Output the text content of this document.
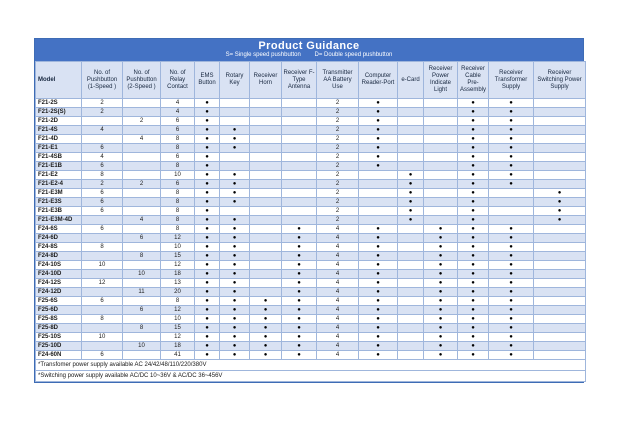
Product Guidance
S= Single speed pushbutton D= Double speed pushbutton
Model	No. of Pushbutton (1-Speed )	No. of Pushbutton (2-Speed )	No. of Relay Contact	EMS Button	Rotary Key	Receiver Horn	Receiver F-Type Antenna	Transmitter AA Battery Use	Computer Reader-Port	e-Card	Receiver Power Indicate Light	Receiver Cable Pre- Assembly	Receiver Transformer Supply	Receiver Switching Power Supply
F21-2S	2		4	●				2	●			●	●	
F21-2S(S)	2		4	●				2	●			●	●	
F21-2D		2	6	●				2	●			●	●	
F21-4S	4		6	●	●			2	●			●	●	
F21-4D		4	8	●	●			2	●			●	●	
F21-E1	6		8	●	●			2	●			●	●	
F21-4SB	4		6	●				2	●			●	●	
F21-E1B	6		8	●				2	●			●	●	
F21-E2	8		10	●	●			2		●		●	●	
F21-E2-4	2	2	6	●	●			2		●		●	●	
F21-E3M	6		8	●	●			2		●		●		●
F21-E3S	6		8	●	●			2		●		●		●
F21-E3B	6		8	●				2		●		●		●
F21-E3M-4D		4	8	●	●			2		●		●		●
F24-6S	6		8	●	●		●	4	●		●	●	●	
F24-6D		6	12	●	●		●	4	●		●	●	●	
F24-8S	8		10	●	●		●	4	●		●	●	●	
F24-8D		8	15	●	●		●	4	●		●	●	●	
F24-10S	10		12	●	●		●	4	●		●	●	●	
F24-10D		10	18	●	●		●	4	●		●	●	●	
F24-12S	12		13	●	●		●	4	●		●	●	●	
F24-12D		11	20	●	●		●	4	●		●	●	●	
F25-6S	6		8	●	●	●	●	4	●		●	●	●	
F25-6D		6	12	●	●	●	●	4	●		●	●	●	
F25-8S	8		10	●	●	●	●	4	●		●	●	●	
F25-8D		8	15	●	●	●	●	4	●		●	●	●	
F25-10S	10		12	●	●	●	●	4	●		●	●	●	
F25-10D		10	18	●	●	●	●	4	●		●	●	●	
F24-60N	6		41	●	●	●	●	4	●		●	●	●	
*Transfomer power supply available AC 24/42/48/110/220/380V														
*Switching power supply available AC/DC 10~36V & AC/DC 36~456V														
